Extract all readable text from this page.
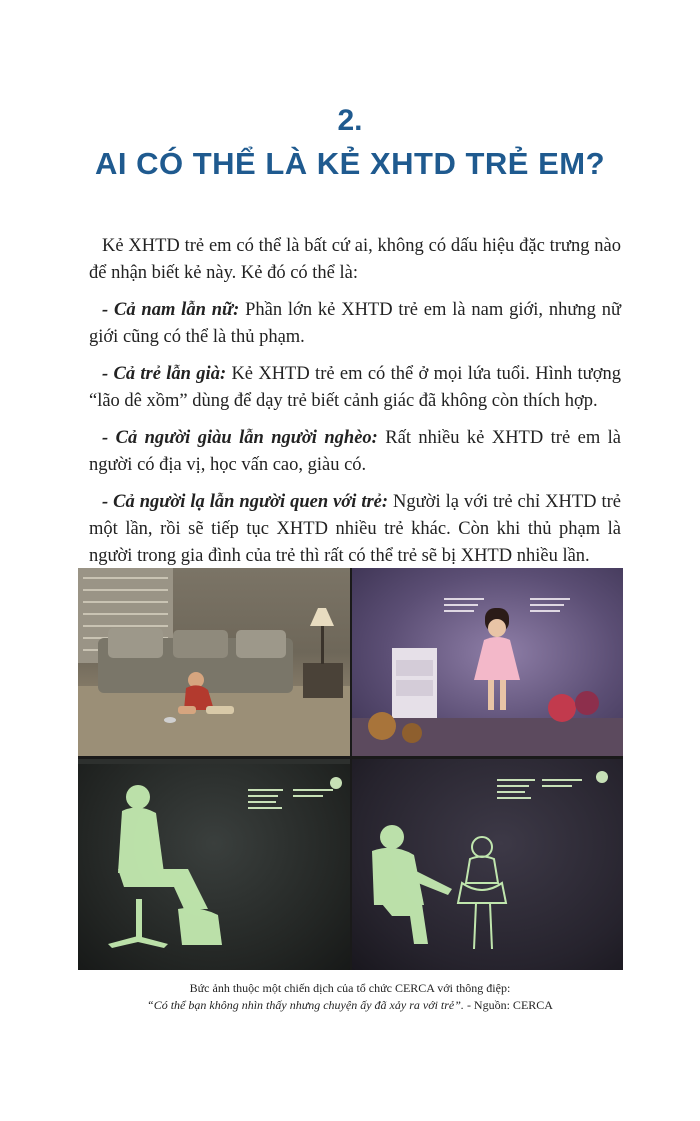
2.
AI CÓ THỂ LÀ KẺ XHTD TRẺ EM?

Kẻ XHTD trẻ em có thể là bất cứ ai, không có dấu hiệu đặc trưng nào để nhận biết kẻ này. Kẻ đó có thể là:

- Cả nam lẫn nữ: Phần lớn kẻ XHTD trẻ em là nam giới, nhưng nữ giới cũng có thể là thủ phạm.

- Cả trẻ lẫn già: Kẻ XHTD trẻ em có thể ở mọi lứa tuổi. Hình tượng “lão dê xồm” dùng để dạy trẻ biết cảnh giác đã không còn thích hợp.

- Cả người giàu lẫn người nghèo: Rất nhiều kẻ XHTD trẻ em là người có địa vị, học vấn cao, giàu có.

- Cả người lạ lẫn người quen với trẻ: Người lạ với trẻ chỉ XHTD trẻ một lần, rồi sẽ tiếp tục XHTD nhiều trẻ khác. Còn khi thủ phạm là người trong gia đình của trẻ thì rất có thể trẻ sẽ bị XHTD nhiều lần.

Bức ảnh thuộc một chiến dịch của tổ chức CERCA với thông điệp:
“Có thể bạn không nhìn thấy nhưng chuyện ấy đã xảy ra với trẻ”. - Nguồn: CERCA
